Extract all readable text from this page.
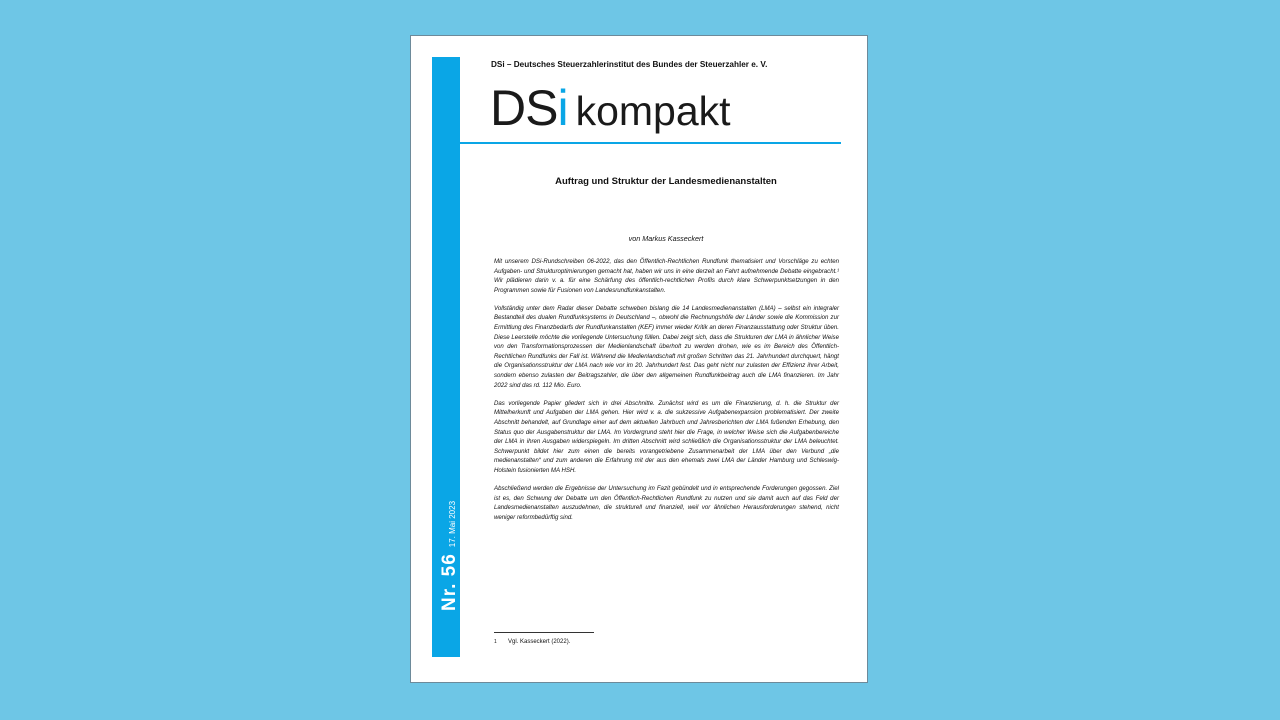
Nr. 5617. Mai 2023
DSi – Deutsches Steuerzahlerinstitut des Bundes der Steuerzahler e. V.
DSi kompakt
Auftrag und Struktur der Landesmedienanstalten
von Markus Kasseckert

Mit unserem DSi-Rundschreiben 06-2022, das den Öffentlich-Rechtlichen Rundfunk thematisiert und Vorschläge zu echten Aufgaben- und Strukturoptimierungen gemacht hat, haben wir uns in eine derzeit an Fahrt aufnehmende Debatte eingebracht.¹ Wir plädieren darin v. a. für eine Schärfung des öffentlich-rechtlichen Profils durch klare Schwerpunktsetzungen in den Programmen sowie für Fusionen von Landesrundfunkanstalten.

Vollständig unter dem Radar dieser Debatte schweben bislang die 14 Landesmedienanstalten (LMA) – selbst ein integraler Bestandteil des dualen Rundfunksystems in Deutschland –, obwohl die Rechnungshöfe der Länder sowie die Kommission zur Ermittlung des Finanzbedarfs der Rundfunkanstalten (KEF) immer wieder Kritik an deren Finanzausstattung oder Struktur üben. Diese Leerstelle möchte die vorliegende Untersuchung füllen. Dabei zeigt sich, dass die Strukturen der LMA in ähnlicher Weise von den Transformationsprozessen der Medienlandschaft überholt zu werden drohen, wie es im Bereich des Öffentlich-Rechtlichen Rundfunks der Fall ist. Während die Medienlandschaft mit großen Schritten das 21. Jahrhundert durchquert, hängt die Organisationsstruktur der LMA nach wie vor im 20. Jahrhundert fest. Das geht nicht nur zulasten der Effizienz ihrer Arbeit, sondern ebenso zulasten der Beitragszahler, die über den allgemeinen Rundfunkbeitrag auch die LMA finanzieren. Im Jahr 2022 sind das rd. 112 Mio. Euro.

Das vorliegende Papier gliedert sich in drei Abschnitte. Zunächst wird es um die Finanzierung, d. h. die Struktur der Mittelherkunft und Aufgaben der LMA gehen. Hier wird v. a. die sukzessive Aufgabenexpansion problematisiert. Der zweite Abschnitt behandelt, auf Grundlage einer auf dem aktuellen Jahrbuch und Jahresberichten der LMA fußenden Erhebung, den Status quo der Ausgabenstruktur der LMA. Im Vordergrund steht hier die Frage, in welcher Weise sich die Aufgabenbereiche der LMA in ihren Ausgaben widerspiegeln. Im dritten Abschnitt wird schließlich die Organisationsstruktur der LMA beleuchtet. Schwerpunkt bildet hier zum einen die bereits vorangetriebene Zusammenarbeit der LMA über den Verbund „die medienanstalten“ und zum anderen die Erfahrung mit der aus den ehemals zwei LMA der Länder Hamburg und Schleswig-Holstein fusionierten MA HSH.

Abschließend werden die Ergebnisse der Untersuchung im Fazit gebündelt und in entsprechende Forderungen gegossen. Ziel ist es, den Schwung der Debatte um den Öffentlich-Rechtlichen Rundfunk zu nutzen und sie damit auch auf das Feld der Landesmedienanstalten auszudehnen, die strukturell und finanziell, weil vor ähnlichen Herausforderungen stehend, nicht weniger reformbedürftig sind.

1 Vgl. Kasseckert (2022).
